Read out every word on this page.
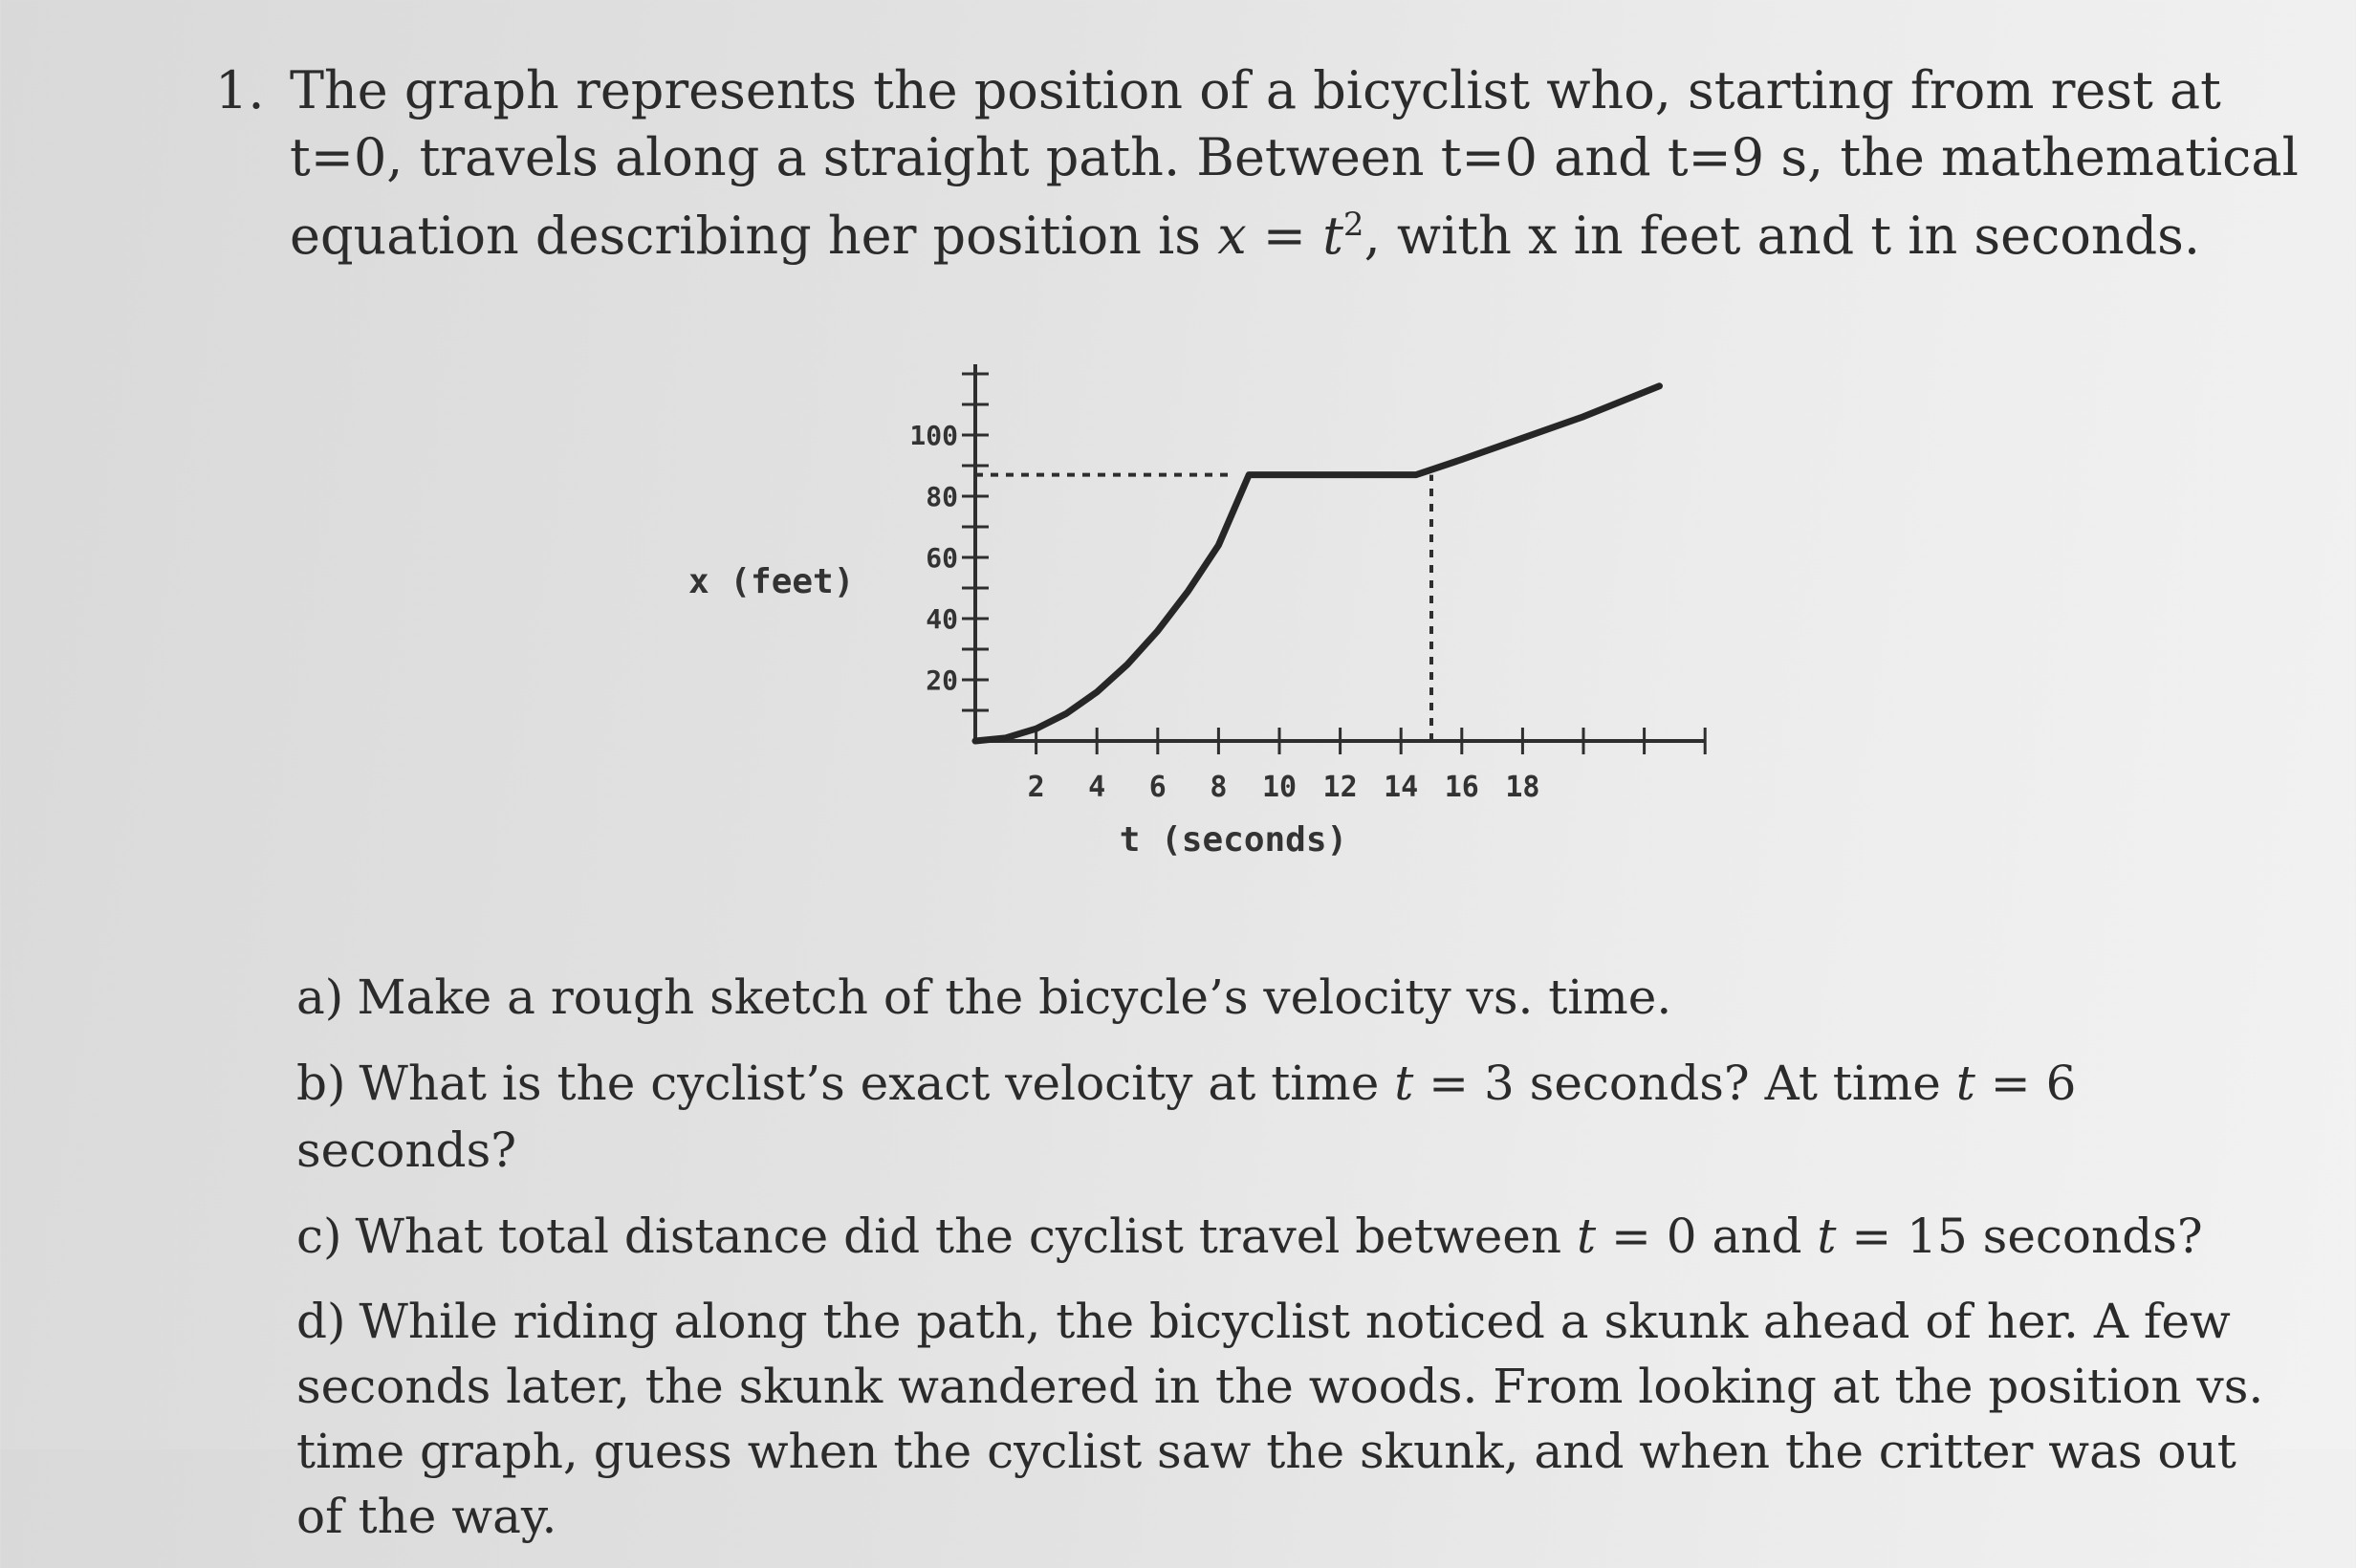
1. The graph represents the position of a bicyclist who, starting from rest at t=0, travels along a straight path. Between t=0 and t=9 s, the mathematical equation describing her position is $x = t^2$, with x in feet and t in seconds.
x (feet)
t (seconds)
2 4 6 8 10 12 14 16 18
20
40
60
80
100
a) Make a rough sketch of the bicycle’s velocity vs. time.
b) What is the cyclist’s exact velocity at time t = 3 seconds? At time t = 6 seconds?
c) What total distance did the cyclist travel between t = 0 and t = 15 seconds?
d) While riding along the path, the bicyclist noticed a skunk ahead of her. A few seconds later, the skunk wandered in the woods. From looking at the position vs. time graph, guess when the cyclist saw the skunk, and when the critter was out of the way.
